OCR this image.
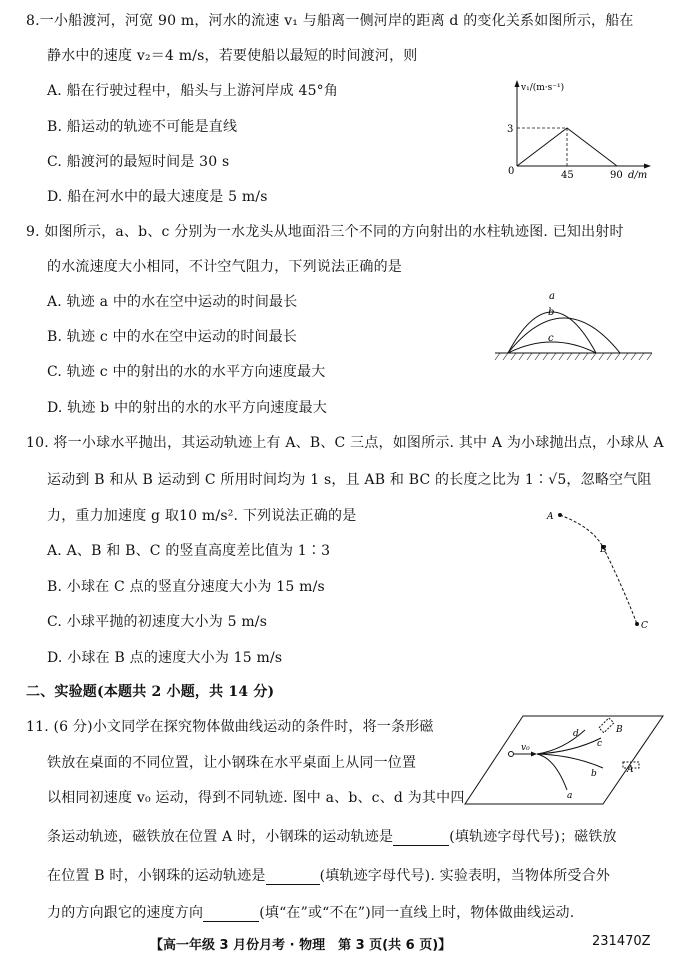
8.一小船渡河，河宽 90 m，河水的流速 v₁ 与船离一侧河岸的距离 d 的变化关系如图所示，船在
静水中的速度 v₂＝4 m/s，若要使船以最短的时间渡河，则
A. 船在行驶过程中，船头与上游河岸成 45°角
B. 船运动的轨迹不可能是直线
C. 船渡河的最短时间是 30 s
D. 船在河水中的最大速度是 5 m/s
v₁/(m·s⁻¹)
3
0	45	90 d/m
9. 如图所示，a、b、c 分别为一水龙头从地面沿三个不同的方向射出的水柱轨迹图. 已知出射时
的水流速度大小相同，不计空气阻力，下列说法正确的是
A. 轨迹 a 中的水在空中运动的时间最长
B. 轨迹 c 中的水在空中运动的时间最长
C. 轨迹 c 中的射出的水的水平方向速度最大
D. 轨迹 b 中的射出的水的水平方向速度最大
a
b
c
10. 将一小球水平抛出，其运动轨迹上有 A、B、C 三点，如图所示. 其中 A 为小球抛出点，小球从 A
运动到 B 和从 B 运动到 C 所用时间均为 1 s，且 AB 和 BC 的长度之比为 1∶√5，忽略空气阻
力，重力加速度 g 取10 m/s². 下列说法正确的是
A. A、B 和 B、C 的竖直高度差比值为 1∶3
B. 小球在 C 点的竖直分速度大小为 15 m/s
C. 小球平抛的初速度大小为 5 m/s
D. 小球在 B 点的速度大小为 15 m/s
A
B
C
二、实验题(本题共 2 小题，共 14 分)
11. (6 分)小文同学在探究物体做曲线运动的条件时，将一条形磁
铁放在桌面的不同位置，让小钢珠在水平桌面上从同一位置
以相同初速度 v₀ 运动，得到不同轨迹. 图中 a、b、c、d 为其中四
条运动轨迹，磁铁放在位置 A 时，小钢珠的运动轨迹是	(填轨迹字母代号)；磁铁放
在位置 B 时，小钢珠的运动轨迹是	(填轨迹字母代号). 实验表明，当物体所受合外
力的方向跟它的速度方向	(填“在”或“不在”)同一直线上时，物体做曲线运动.
v₀
a
b
c
d	B
A
【高一年级 3 月份月考 · 物理　第 3 页(共 6 页)】	231470Z
